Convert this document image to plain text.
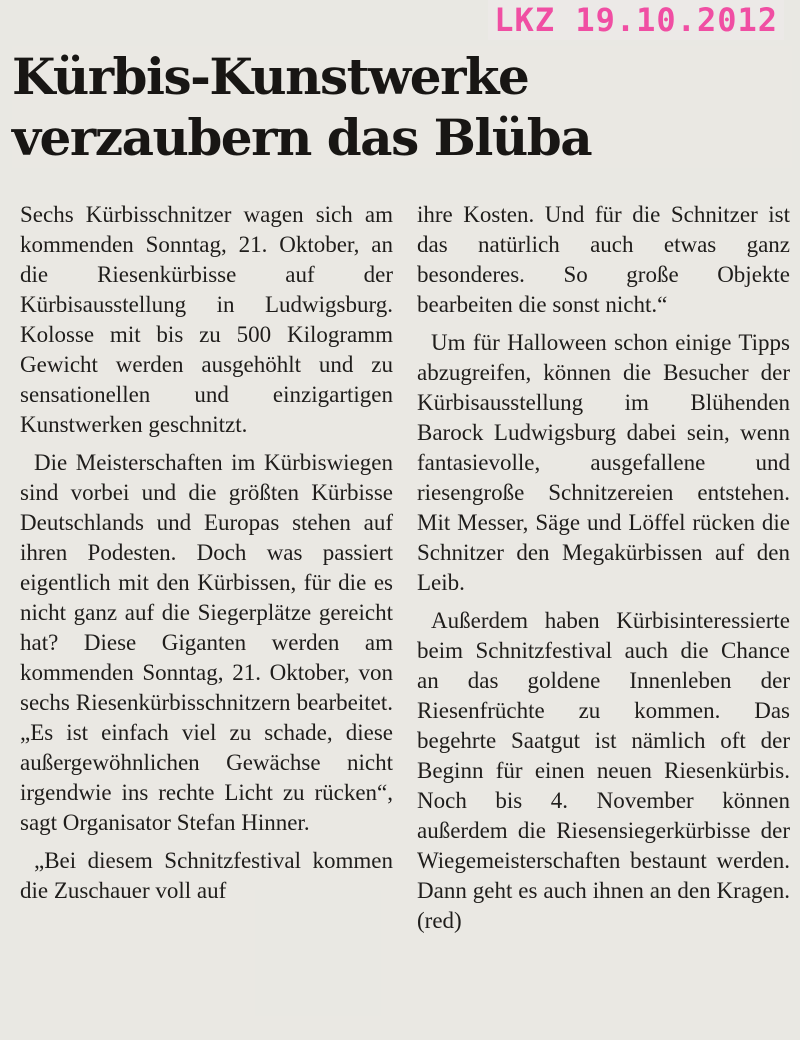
LKZ 19.10.2012
Kürbis-Kunstwerke verzaubern das Blüba

Sechs Kürbisschnitzer wagen sich am kommenden Sonntag, 21. Oktober, an die Riesenkürbisse auf der Kürbisausstellung in Ludwigsburg. Kolosse mit bis zu 500 Kilogramm Gewicht werden ausgehöhlt und zu sensationellen und einzigartigen Kunstwerken geschnitzt.

Die Meisterschaften im Kürbiswiegen sind vorbei und die größten Kürbisse Deutschlands und Europas stehen auf ihren Podesten. Doch was passiert eigentlich mit den Kürbissen, für die es nicht ganz auf die Siegerplätze gereicht hat? Diese Giganten werden am kommenden Sonntag, 21. Oktober, von sechs Riesenkürbisschnitzern bearbeitet. „Es ist einfach viel zu schade, diese außergewöhnlichen Gewächse nicht irgendwie ins rechte Licht zu rücken“, sagt Organisator Stefan Hinner.

„Bei diesem Schnitzfestival kommen die Zuschauer voll auf

ihre Kosten. Und für die Schnitzer ist das natürlich auch etwas ganz besonderes. So große Objekte bearbeiten die sonst nicht.“

Um für Halloween schon einige Tipps abzugreifen, können die Besucher der Kürbisausstellung im Blühenden Barock Ludwigsburg dabei sein, wenn fantasievolle, ausgefallene und riesengroße Schnitzereien entstehen. Mit Messer, Säge und Löffel rücken die Schnitzer den Megakürbissen auf den Leib.

Außerdem haben Kürbisinteressierte beim Schnitzfestival auch die Chance an das goldene Innenleben der Riesenfrüchte zu kommen. Das begehrte Saatgut ist nämlich oft der Beginn für einen neuen Riesenkürbis. Noch bis 4. November können außerdem die Riesensiegerkürbisse der Wiegemeisterschaften bestaunt werden. Dann geht es auch ihnen an den Kragen. (red)
